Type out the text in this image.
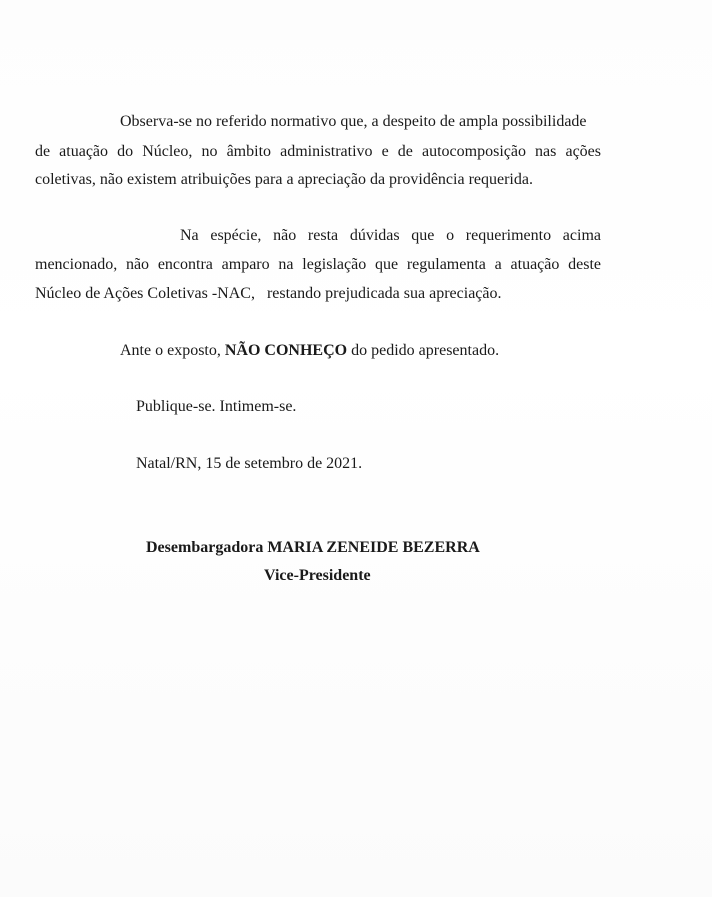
Observa-se no referido normativo que, a despeito de ampla possibilidade
de atuação do Núcleo, no âmbito administrativo e de autocomposição nas ações
coletivas, não existem atribuições para a apreciação da providência requerida.
Na espécie, não resta dúvidas que o requerimento acima
mencionado, não encontra amparo na legislação que regulamenta a atuação deste
Núcleo de Ações Coletivas -NAC,   restando prejudicada sua apreciação.
Ante o exposto, NÃO CONHEÇO do pedido apresentado.
Publique-se. Intimem-se.
Natal/RN, 15 de setembro de 2021.
Desembargadora MARIA ZENEIDE BEZERRA
Vice-Presidente
